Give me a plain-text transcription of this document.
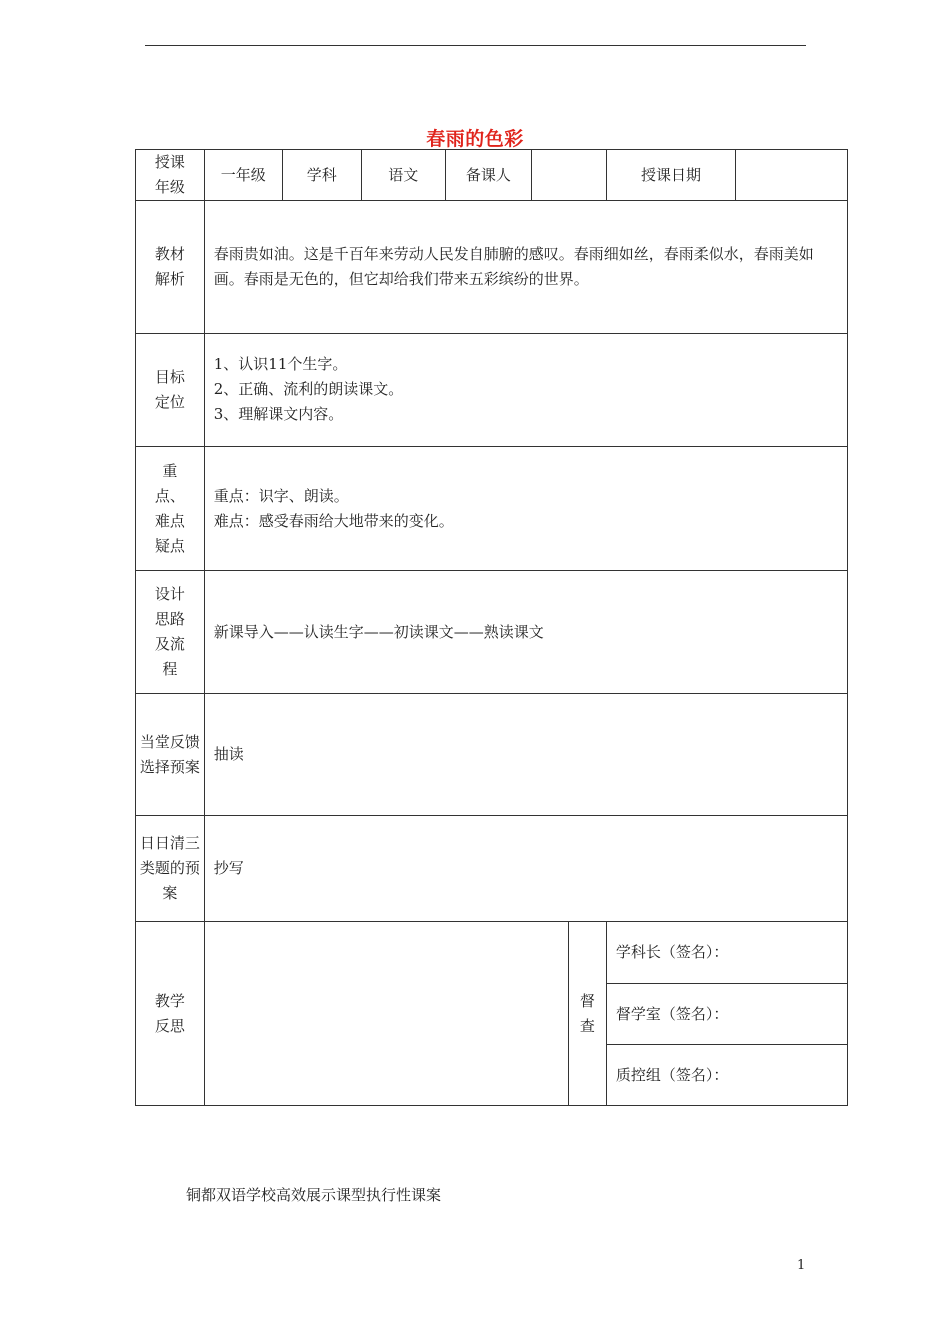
春雨的色彩
授课年级	一年级	学科	语文	备课人			授课日期	

教材解析	春雨贵如油。这是千百年来劳动人民发自肺腑的感叹。春雨细如丝，春雨柔似水，春雨美如画。春雨是无色的，但它却给我们带来五彩缤纷的世界。							

目标定位	1、认识11个生字。
2、正确、流利的朗读课文。
3、理解课文内容。							

重点、难点疑点	重点：识字、朗读。
难点：感受春雨给大地带来的变化。							

设计思路及流程	新课导入——认读生字——初读课文——熟读课文							

当堂反馈选择预案	抽读							

日日清三类题的预案	抄写							

教学反思						督查	学科长（签名）：	
							督学室（签名）：	
							质控组（签名）：	
铜都双语学校高效展示课型执行性课案
1
